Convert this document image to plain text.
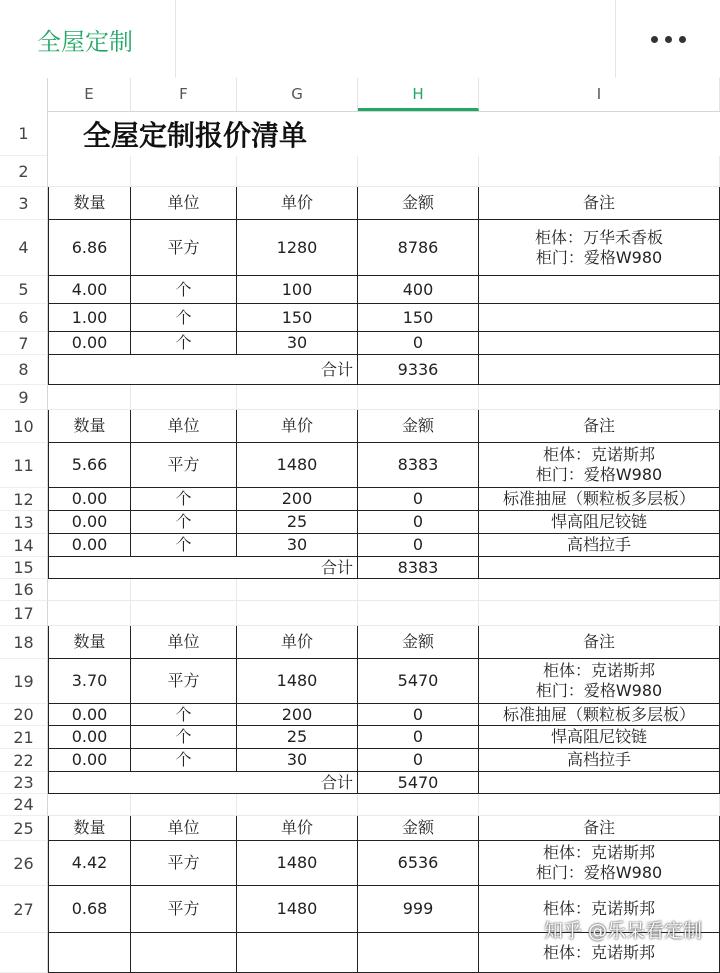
全屋定制
E	F	G	H	I
1	全屋定制报价清单
2
3	数量	单位	单价	金额	备注
4	6.86	平方	1280	8786
柜体：万华禾香板
柜门：爱格W980
5	4.00	个	100	400
6	1.00	个	150	150
7	0.00	个	30	0
8	合计	9336
9
10	数量	单位	单价	金额	备注
11	5.66	平方	1480	8383
柜体：克诺斯邦
柜门：爱格W980
12	0.00	个	200	0	标准抽屉（颗粒板多层板）
13	0.00	个	25	0	悍高阻尼铰链
14	0.00	个	30	0	高档拉手
15	合计	8383
16
17
18	数量	单位	单价	金额	备注
19	3.70	平方	1480	5470
柜体：克诺斯邦
柜门：爱格W980
20	0.00	个	200	0	标准抽屉（颗粒板多层板）
21	0.00	个	25	0	悍高阻尼铰链
22	0.00	个	30	0	高档拉手
23	合计	5470
24
25	数量	单位	单价	金额	备注
26	4.42	平方	1480	6536
柜体：克诺斯邦
柜门：爱格W980
27	0.68	平方	1480	999	柜体：克诺斯邦
柜体：克诺斯邦
知乎 @乐呆看定制
